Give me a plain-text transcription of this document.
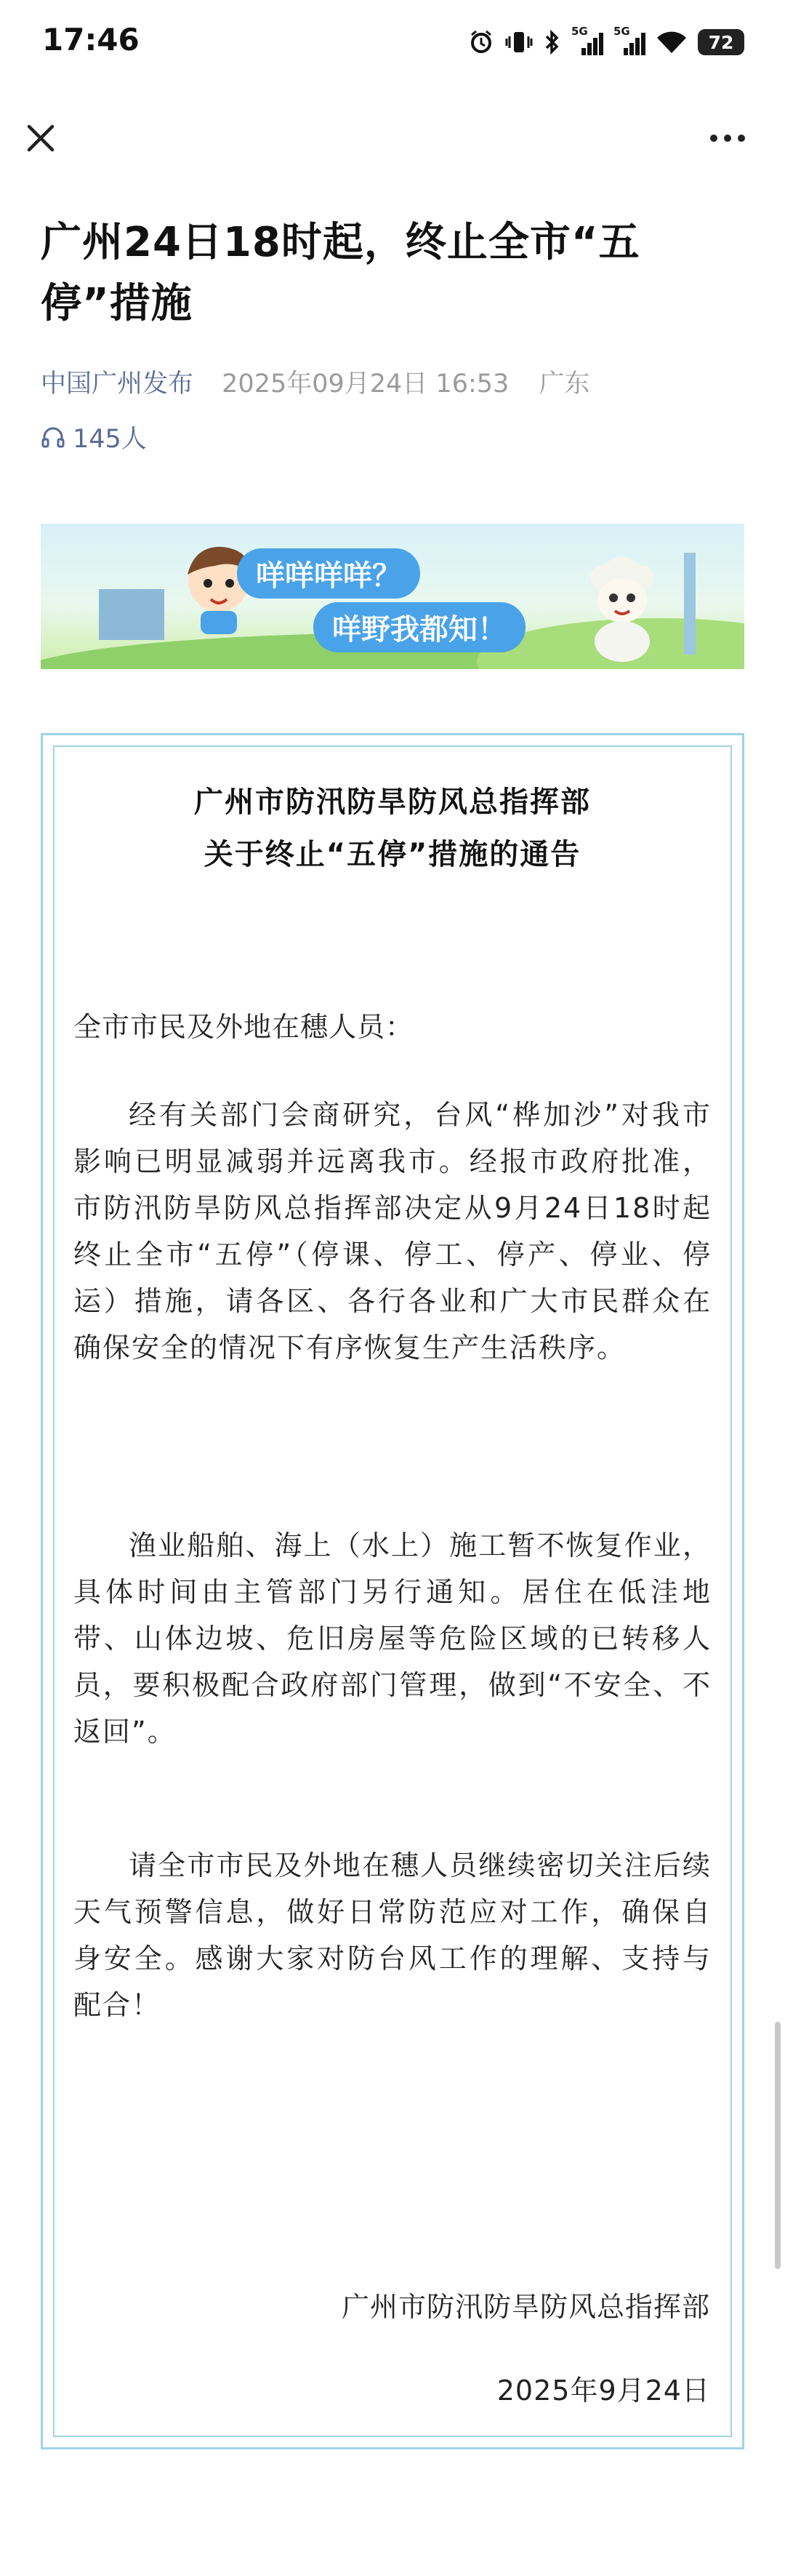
17:46	5G 5G
72
广州24日18时起，终止全市“五停”措施
中国广州发布 2025年09月24日 16:53 广东
145人
咩咩咩咩？
咩野我都知！
广州市防汛防旱防风总指挥部
关于终止“五停”措施的通告
全市市民及外地在穗人员：

经有关部门会商研究，台风“桦加沙”对我市影响已明显减弱并远离我市。经报市政府批准，市防汛防旱防风总指挥部决定从9月24日18时起终止全市“五停”（停课、停工、停产、停业、停运）措施，请各区、各行各业和广大市民群众在确保安全的情况下有序恢复生产生活秩序。

渔业船舶、海上（水上）施工暂不恢复作业，具体时间由主管部门另行通知。居住在低洼地带、山体边坡、危旧房屋等危险区域的已转移人员，要积极配合政府部门管理，做到“不安全、不返回”。

请全市市民及外地在穗人员继续密切关注后续天气预警信息，做好日常防范应对工作，确保自身安全。感谢大家对防台风工作的理解、支持与配合！

广州市防汛防旱防风总指挥部
2025年9月24日
